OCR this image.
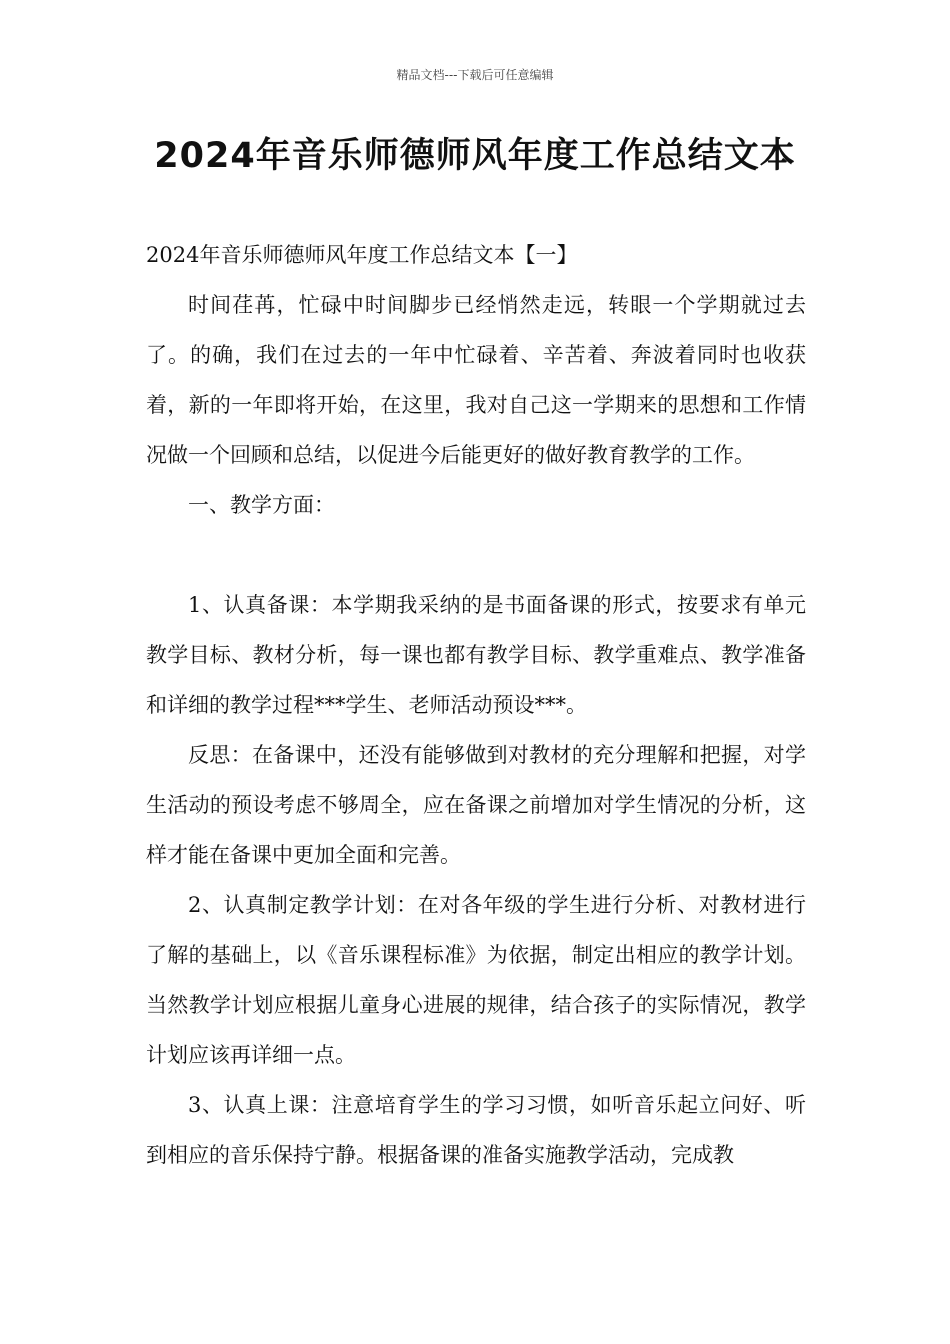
精品文档---下载后可任意编辑
2024年音乐师德师风年度工作总结文本

2024年音乐师德师风年度工作总结文本【一】

时间荏苒，忙碌中时间脚步已经悄然走远，转眼一个学期就过去了。的确，我们在过去的一年中忙碌着、辛苦着、奔波着同时也收获着，新的一年即将开始，在这里，我对自己这一学期来的思想和工作情况做一个回顾和总结，以促进今后能更好的做好教育教学的工作。

一、教学方面：

1、认真备课：本学期我采纳的是书面备课的形式，按要求有单元教学目标、教材分析，每一课也都有教学目标、教学重难点、教学准备和详细的教学过程***学生、老师活动预设***。

反思：在备课中，还没有能够做到对教材的充分理解和把握，对学生活动的预设考虑不够周全，应在备课之前增加对学生情况的分析，这样才能在备课中更加全面和完善。

2、认真制定教学计划：在对各年级的学生进行分析、对教材进行了解的基础上，以《音乐课程标准》为依据，制定出相应的教学计划。当然教学计划应根据儿童身心进展的规律，结合孩子的实际情况，教学计划应该再详细一点。

3、认真上课：注意培育学生的学习习惯，如听音乐起立问好、听到相应的音乐保持宁静。根据备课的准备实施教学活动，完成教
